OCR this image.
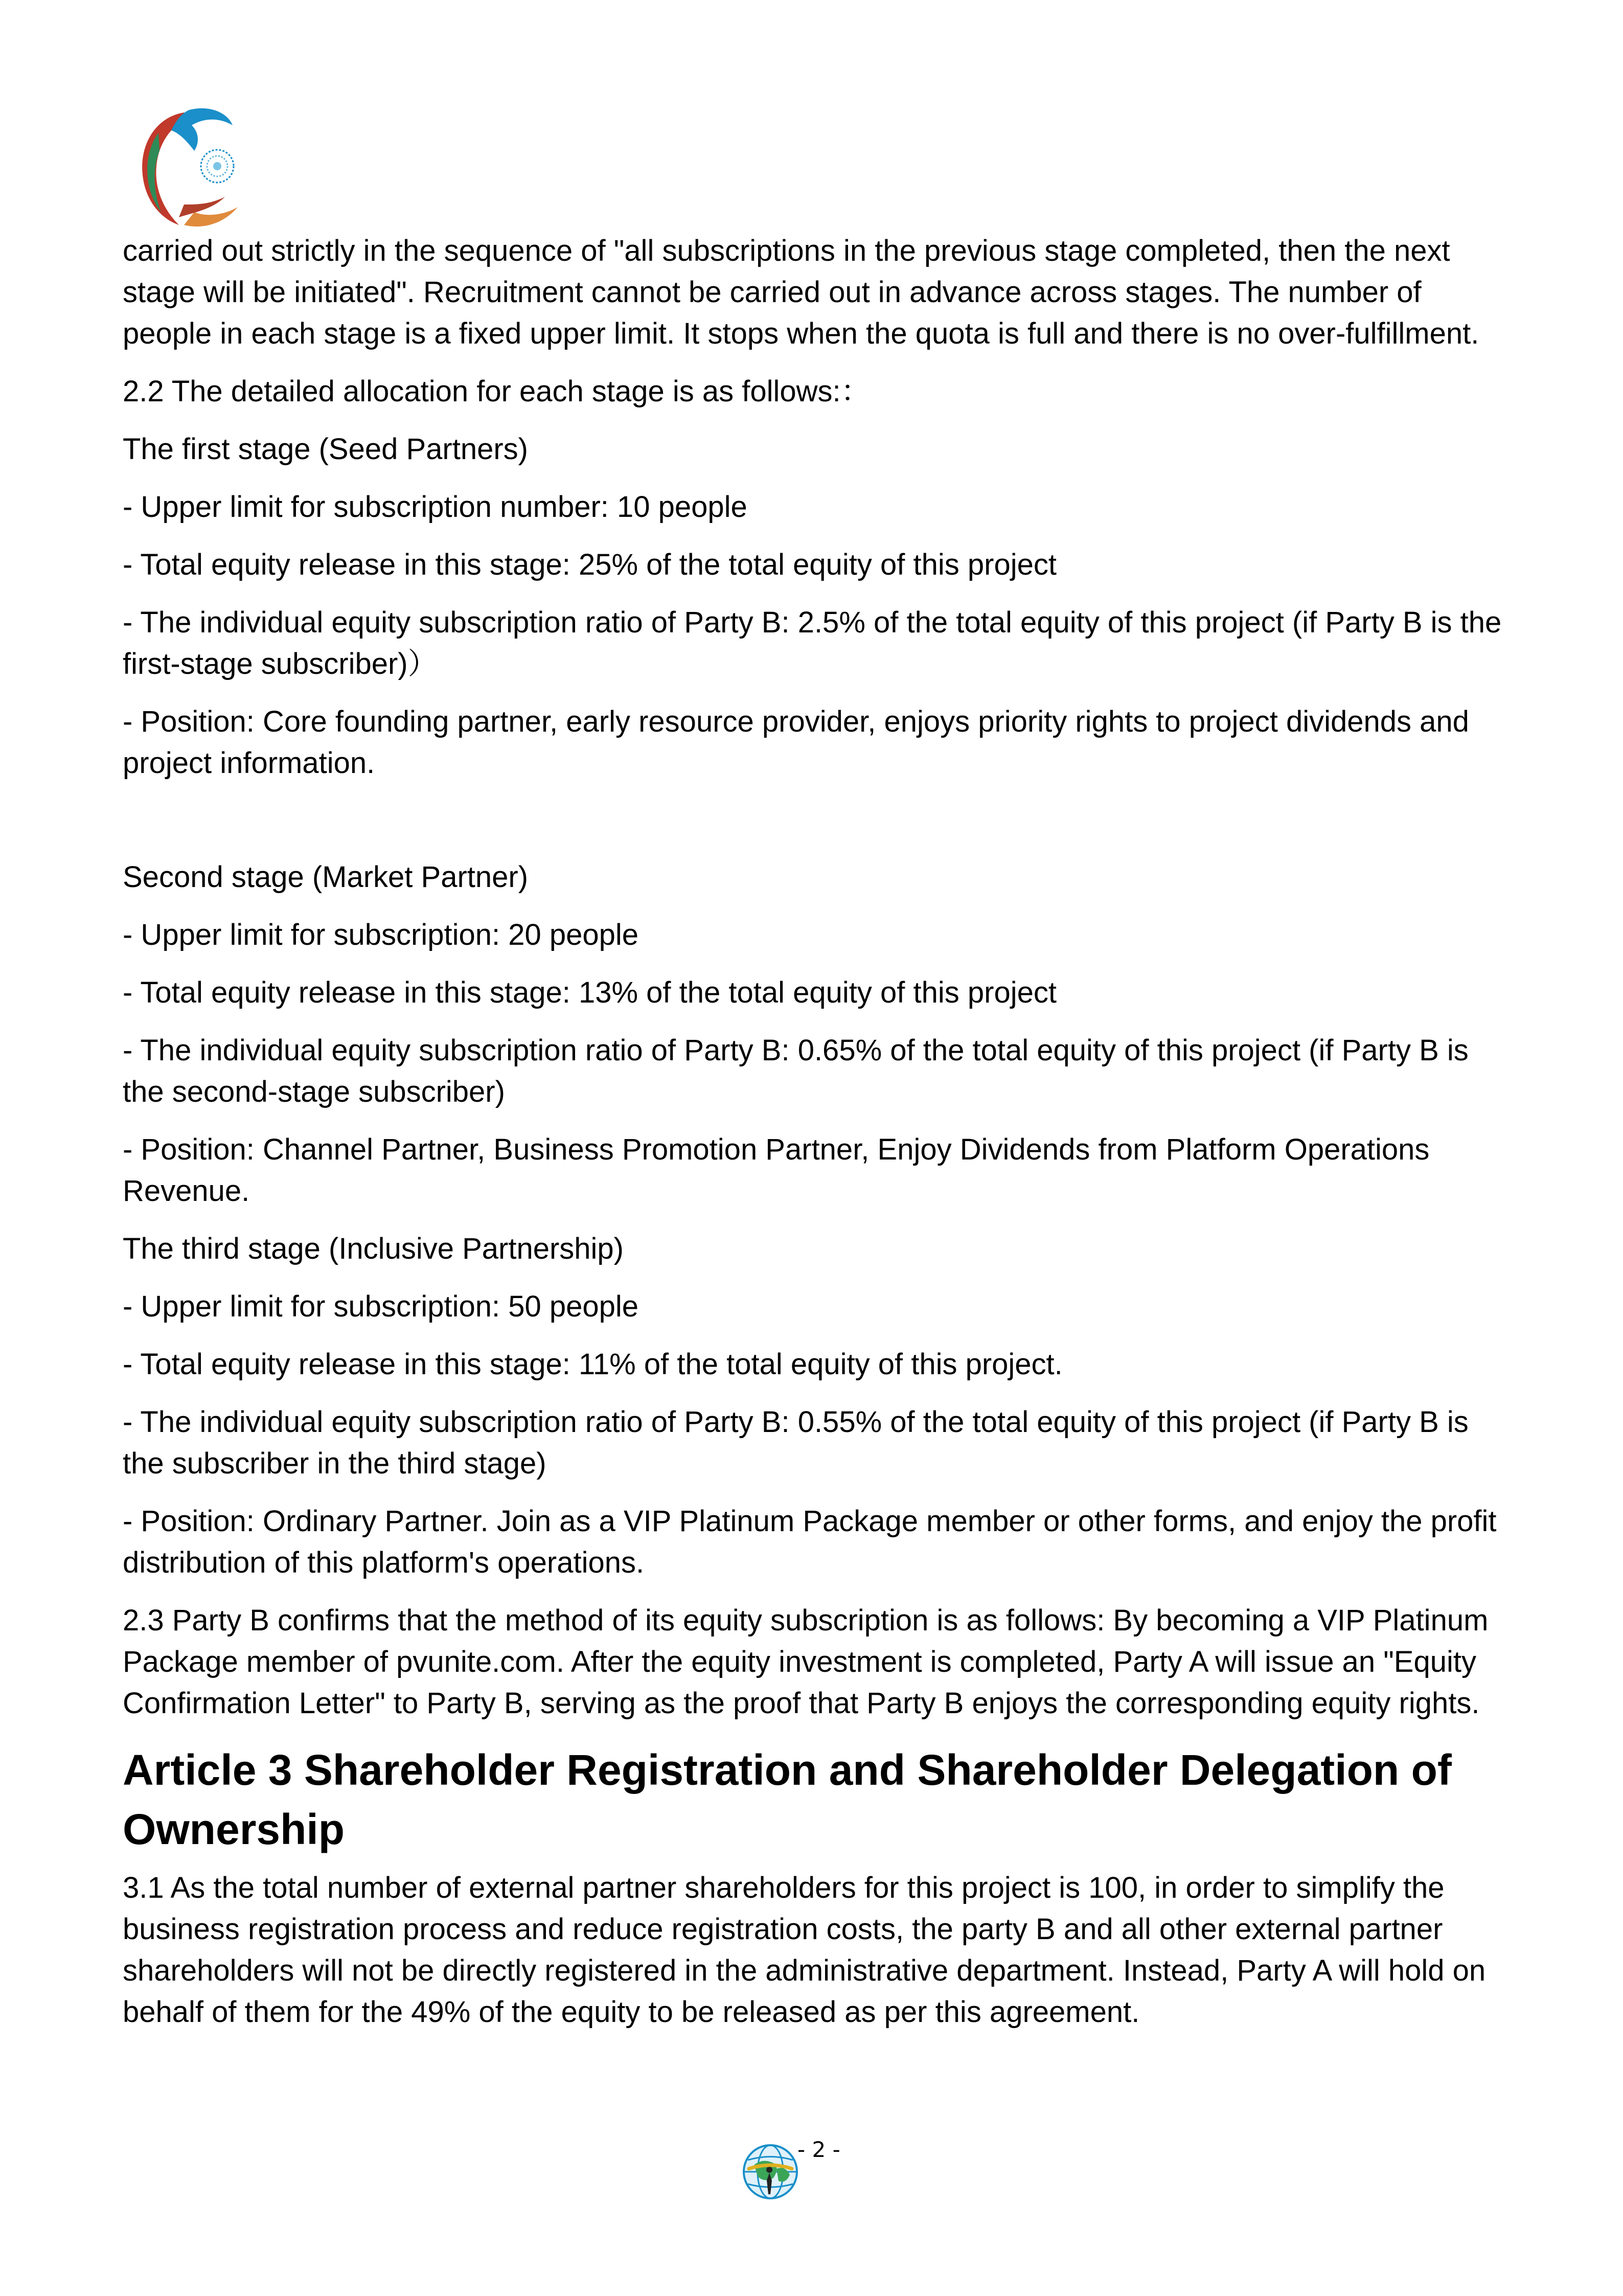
carried out strictly in the sequence of "all subscriptions in the previous stage completed, then the next stage will be initiated". Recruitment cannot be carried out in advance across stages. The number of people in each stage is a fixed upper limit. It stops when the quota is full and there is no over-fulfillment.

2.2 The detailed allocation for each stage is as follows:：

The first stage (Seed Partners)

- Upper limit for subscription number: 10 people

- Total equity release in this stage: 25% of the total equity of this project

- The individual equity subscription ratio of Party B: 2.5% of the total equity of this project (if Party B is the first-stage subscriber)）

- Position: Core founding partner, early resource provider, enjoys priority rights to project dividends and project information.

Second stage (Market Partner)

- Upper limit for subscription: 20 people

- Total equity release in this stage: 13% of the total equity of this project

- The individual equity subscription ratio of Party B: 0.65% of the total equity of this project (if Party B is the second-stage subscriber)

- Position: Channel Partner, Business Promotion Partner, Enjoy Dividends from Platform Operations Revenue.

The third stage (Inclusive Partnership)

- Upper limit for subscription: 50 people

- Total equity release in this stage: 11% of the total equity of this project.

- The individual equity subscription ratio of Party B: 0.55% of the total equity of this project (if Party B is the subscriber in the third stage)

- Position: Ordinary Partner. Join as a VIP Platinum Package member or other forms, and enjoy the profit distribution of this platform's operations.

2.3 Party B confirms that the method of its equity subscription is as follows: By becoming a VIP Platinum Package member of pvunite.com. After the equity investment is completed, Party A will issue an "Equity Confirmation Letter" to Party B, serving as the proof that Party B enjoys the corresponding equity rights.

Article 3 Shareholder Registration and Shareholder Delegation of Ownership

3.1 As the total number of external partner shareholders for this project is 100, in order to simplify the business registration process and reduce registration costs, the party B and all other external partner shareholders will not be directly registered in the administrative department. Instead, Party A will hold on behalf of them for the 49% of the equity to be released as per this agreement.

- 2 -
